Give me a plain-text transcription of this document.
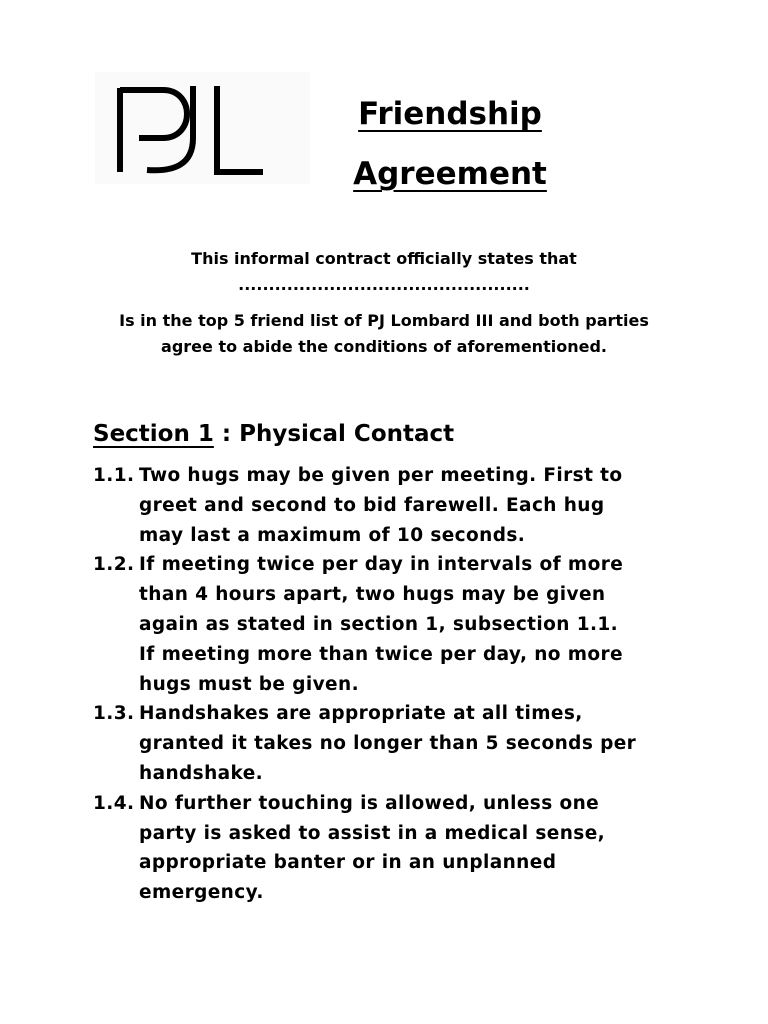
Friendship
Agreement
This informal contract officially states that
................................................
Is in the top 5 friend list of PJ Lombard III and both parties
agree to abide the conditions of aforementioned.
Section 1 : Physical Contact
1.1. Two hugs may be given per meeting. First to
greet and second to bid farewell. Each hug
may last a maximum of 10 seconds.
1.2. If meeting twice per day in intervals of more
than 4 hours apart, two hugs may be given
again as stated in section 1, subsection 1.1.
If meeting more than twice per day, no more
hugs must be given.
1.3. Handshakes are appropriate at all times,
granted it takes no longer than 5 seconds per
handshake.
1.4. No further touching is allowed, unless one
party is asked to assist in a medical sense,
appropriate banter or in an unplanned
emergency.
